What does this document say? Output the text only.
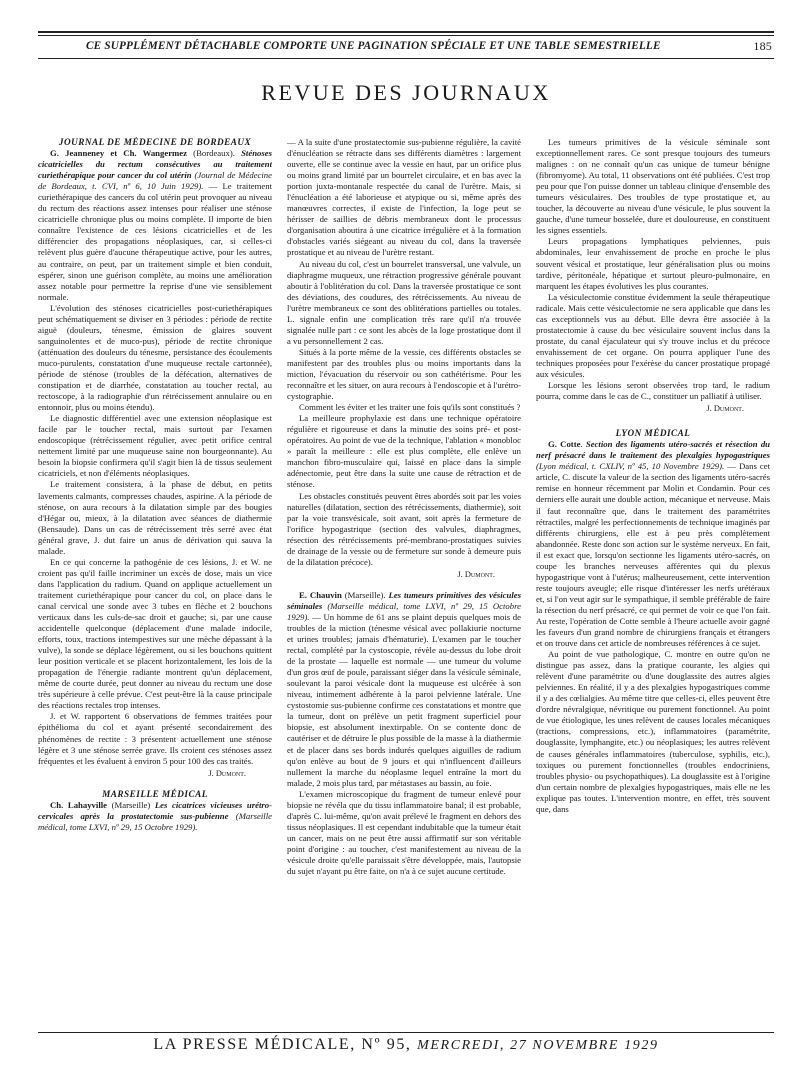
CE SUPPLÉMENT DÉTACHABLE COMPORTE UNE PAGINATION SPÉCIALE ET UNE TABLE SEMESTRIELLE	185
REVUE DES JOURNAUX

JOURNAL DE MÉDECINE DE BORDEAUX

G. Jeanneney et Ch. Wangermez (Bordeaux). Sténoses cicatricielles du rectum consécutives au traitement curiethérapique pour cancer du col utérin (Journal de Médecine de Bordeaux, t. CVI, nº 6, 10 Juin 1929). — Le traitement curiethérapique des cancers du col utérin peut provoquer au niveau du rectum des réactions assez intenses pour réaliser une sténose cicatricielle chronique plus ou moins complète. Il importe de bien connaître l'existence de ces lésions cicatricielles et de les différencier des propagations néoplasiques, car, si celles-ci relèvent plus guère d'aucune thérapeutique active, pour les autres, au contraire, on peut, par un traitement simple et bien conduit, espérer, sinon une guérison complète, au moins une amélioration assez notable pour permettre la reprise d'une vie sensiblement normale.

L'évolution des sténoses cicatricielles post-curiethérapiques peut schématiquement se diviser en 3 périodes : période de rectite aiguë (douleurs, ténesme, émission de glaires souvent sanguinolentes et de muco-pus), période de rectite chronique (atténuation des douleurs du ténesme, persistance des écoulements muco-purulents, constatation d'une muqueuse rectale cartonnée), période de sténose (troubles de la défécation, alternatives de constipation et de diarrhée, constatation au toucher rectal, au rectoscope, à la radiographie d'un rétrécissement annulaire ou en entonnoir, plus ou moins étendu).

Le diagnostic différentiel avec une extension néoplasique est facile par le toucher rectal, mais surtout par l'examen endoscopique (rétrécissement régulier, avec petit orifice central nettement limité par une muqueuse saine non bourgeonnante). Au besoin la biopsie confirmera qu'il s'agit bien là de tissus seulement cicatriciels, et non d'éléments néoplasiques.

Le traitement consistera, à la phase de début, en petits lavements calmants, compresses chaudes, aspirine. A la période de sténose, on aura recours à la dilatation simple par des bougies d'Hégar ou, mieux, à la dilatation avec séances de diathermie (Bensaude). Dans un cas de rétrécissement très serré avec état général grave, J. dut faire un anus de dérivation qui sauva la malade.

En ce qui concerne la pathogénie de ces lésions, J. et W. ne croient pas qu'il faille incriminer un excès de dose, mais un vice dans l'application du radium. Quand on applique actuellement un traitement curiethérapique pour cancer du col, on place dans le canal cervical une sonde avec 3 tubes en flèche et 2 bouchons verticaux dans les culs-de-sac droit et gauche; si, par une cause accidentelle quelconque (déplacement d'une malade indocile, efforts, toux, tractions intempestives sur une mèche dépassant à la vulve), la sonde se déplace légèrement, ou si les bouchons quittent leur position verticale et se placent horizontalement, les lois de la propagation de l'énergie radiante montrent qu'un déplacement, même de courte durée, peut donner au niveau du rectum une dose très supérieure à celle prévue. C'est peut-être là la cause principale des réactions rectales trop intenses.

J. et W. rapportent 6 observations de femmes traitées pour épithélioma du col et ayant présenté secondairement des phénomènes de rectite : 3 présentent actuellement une sténose légère et 3 une sténose serrée grave. Ils croient ces sténoses assez fréquentes et les évaluent à environ 5 pour 100 des cas traités.

J. Dumont.

MARSEILLE MÉDICAL

Ch. Lahayville (Marseille) Les cicatrices vicieuses urétro-cervicales après la prostatectomie sus-pubienne (Marseille médical, tome LXVI, nº 29, 15 Octobre 1929).

— A la suite d'une prostatectomie sus-pubienne régulière, la cavité d'énucléation se rétracte dans ses différents diamètres : largement ouverte, elle se continue avec la vessie en haut, par un orifice plus ou moins grand limité par un bourrelet circulaire, et en bas avec la portion juxta-montanale respectée du canal de l'urètre. Mais, si l'énucléation a été laborieuse et atypique ou si, même après des manœuvres correctes, il existe de l'infection, la loge peut se hérisser de saillies de débris membraneux dont le processus d'organisation aboutira à une cicatrice irrégulière et à la formation d'obstacles variés siégeant au niveau du col, dans la traversée prostatique et au niveau de l'urètre restant.

Au niveau du col, c'est un bourrelet transversal, une valvule, un diaphragme muqueux, une rétraction progressive générale pouvant aboutir à l'oblitération du col. Dans la traversée prostatique ce sont des déviations, des coudures, des rétrécissements. Au niveau de l'urètre membraneux ce sont des oblitérations partielles ou totales. L. signale enfin une complication très rare qu'il n'a trouvée signalée nulle part : ce sont les abcès de la loge prostatique dont il a vu personnellement 2 cas.

Situés à la porte même de la vessie, ces différents obstacles se manifestent par des troubles plus ou moins importants dans la miction, l'évacuation du réservoir ou son cathétérisme. Pour les reconnaître et les situer, on aura recours à l'endoscopie et à l'urétro-cystographie.

Comment les éviter et les traiter une fois qu'ils sont constitués ?

La meilleure prophylaxie est dans une technique opératoire régulière et rigoureuse et dans la minutie des soins pré- et post-opératoires. Au point de vue de la technique, l'ablation « monobloc » paraît la meilleure : elle est plus complète, elle enlève un manchon fibro-musculaire qui, laissé en place dans la simple adénectomie, peut être dans la suite une cause de rétraction et de sténose.

Les obstacles constitués peuvent êtres abordés soit par les voies naturelles (dilatation, section des rétrécissements, diathermie), soit par la voie transvésicale, soit avant, soit après la fermeture de l'orifice hypogastrique (section des valvules, diaphragmes, résection des rétrécissements pré-membrano-prostatiques suivies de drainage de la vessie ou de fermeture sur sonde à demeure puis de la dilatation précoce).

J. Dumont.

E. Chauvin (Marseille). Les tumeurs primitives des vésicules séminales (Marseille médical, tome LXVI, nº 29, 15 Octobre 1929). — Un homme de 61 ans se plaint depuis quelques mois de troubles de la miction (ténesme vésical avec pollakiurie nocturne et urines troubles; jamais d'hématurie). L'examen par le toucher rectal, complété par la cystoscopie, révèle au-dessus du lobe droit de la prostate — laquelle est normale — une tumeur du volume d'un gros œuf de poule, paraissant siéger dans la vésicule séminale, soulevant la paroi vésicale dont la muqueuse est ulcérée à son niveau, intimement adhérente à la paroi pelvienne latérale. Une cystostomie sus-pubienne confirme ces constatations et montre que la tumeur, dont on prélève un petit fragment superficiel pour biopsie, est absolument inextirpable. On se contente donc de cautériser et de détruire le plus possible de la masse à la diathermie et de placer dans ses bords indurés quelques aiguilles de radium qu'on enlève au bout de 9 jours et qui n'influencent d'ailleurs nullement la marche du néoplasme lequel entraîne la mort du malade, 2 mois plus tard, par métastases au bassin, au foie.

L'examen microscopique du fragment de tumeur enlevé pour biopsie ne révéla que du tissu inflammatoire banal; il est probable, d'après C. lui-même, qu'on avait prélevé le fragment en dehors des tissus néoplasiques. Il est cependant indubitable que la tumeur était un cancer, mais on ne peut être aussi affirmatif sur son véritable point d'origine : au toucher, c'est manifestement au niveau de la vésicule droite qu'elle paraissait s'être développée, mais, l'autopsie du sujet n'ayant pu être faite, on n'a à ce sujet aucune certitude.

Les tumeurs primitives de la vésicule séminale sont exceptionnellement rares. Ce sont presque toujours des tumeurs malignes : on ne connaît qu'un cas unique de tumeur bénigne (fibromyome). Au total, 11 observations ont été publiées. C'est trop peu pour que l'on puisse donner un tableau clinique d'ensemble des tumeurs vésiculaires. Des troubles de type prostatique et, au toucher, la découverte au niveau d'une vésicule, le plus souvent la gauche, d'une tumeur bosselée, dure et douloureuse, en constituent les signes essentiels.

Leurs propagations lymphatiques pelviennes, puis abdominales, leur envahissement de proche en proche le plus souvent vésical et prostatique, leur généralisation plus ou moins tardive, péritonéale, hépatique et surtout pleuro-pulmonaire, en marquent les étapes évolutives les plus courantes.

La vésiculectomie constitue évidemment la seule thérapeutique radicale. Mais cette vésiculectomie ne sera applicable que dans les cas exceptionnels vus au début. Elle devra être associée à la prostatectomie à cause du bec vésiculaire souvent inclus dans la prostate, du canal éjaculateur qui s'y trouve inclus et du précoce envahissement de cet organe. On pourra appliquer l'une des techniques proposées pour l'exérèse du cancer prostatique propagé aux vésicules.

Lorsque les lésions seront observées trop tard, le radium pourra, comme dans le cas de C., constituer un palliatif à utiliser.

J. Dumont.

LYON MÉDICAL

G. Cotte. Section des ligaments utéro-sacrés et résection du nerf présacré dans le traitement des plexalgies hypogastriques (Lyon médical, t. CXLIV, nº 45, 10 Novembre 1929). — Dans cet article, C. discute la valeur de la section des ligaments utéro-sacrés remise en honneur récemment par Molin et Condamin. Pour ces derniers elle aurait une double action, mécanique et nerveuse. Mais il faut reconnaître que, dans le traitement des paramétrites rétractiles, malgré les perfectionnements de technique imaginés par différents chirurgiens, elle est à peu près complètement abandonnée. Reste donc son action sur le système nerveux. En fait, il est exact que, lorsqu'on sectionne les ligaments utéro-sacrés, on coupe les branches nerveuses afférentes qui du plexus hypogastrique vont à l'utérus; malheureusement, cette intervention reste toujours aveugle; elle risque d'intéresser les nerfs urétéraux et, si l'on veut agir sur le sympathique, il semble préférable de faire la résection du nerf présacré, ce qui permet de voir ce que l'on fait. Au reste, l'opération de Cotte semble à l'heure actuelle avoir gagné les faveurs d'un grand nombre de chirurgiens français et étrangers et on trouve dans cet article de nombreuses références à ce sujet.

Au point de vue pathologique, C. montre en outre qu'on ne distingue pas assez, dans la pratique courante, les algies qui relèvent d'une paramétrite ou d'une douglassite des autres algies pelviennes. En réalité, il y a des plexalgies hypogastriques comme il y a des cœlialgies. Au même titre que celles-ci, elles peuvent être d'ordre névralgique, névritique ou purement fonctionnel. Au point de vue étiologique, les unes relèvent de causes locales mécaniques (tractions, compressions, etc.), inflammatoires (paramétrite, douglassite, lymphangite, etc.) ou néoplasiques; les autres relèvent de causes générales inflammatoires (tuberculose, syphilis, etc.), toxiques ou purement fonctionnelles (troubles endocriniens, troubles physio- ou psychopathiques). La douglassite est à l'origine d'un certain nombre de plexalgies hypogastriques, mais elle ne les explique pas toutes. L'intervention montre, en effet, très souvent que, dans

LA PRESSE MÉDICALE, Nº 95, MERCREDI, 27 NOVEMBRE 1929
